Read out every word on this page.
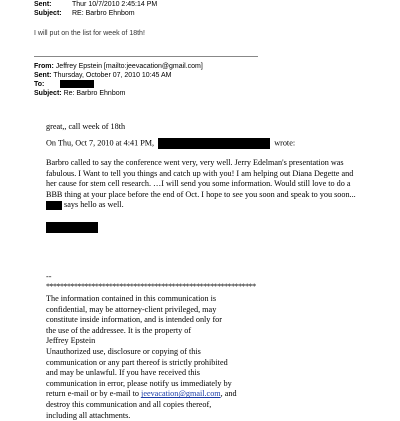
Sent:	Thur 10/7/2010 2:45:14 PM
Subject: RE: Barbro Ehnbom
I will put on the list for week of 18th!
From: Jeffrey Epstein [mailto:jeevacation@gmail.com]
Sent: Thursday, October 07, 2010 10:45 AM
To:
Subject: Re: Barbro Ehnbom
great,, call week of 18th
On Thu, Oct 7, 2010 at 4:41 PM,	wrote:
Barbro called to say the conference went very, very well. Jerry Edelman's presentation was fabulous. I Want to tell you things and catch up with you! I am helping out Diana Degette and her cause for stem cell research. …I will send you some information. Would still love to do a BBB thing at your place before the end of Oct. I hope to see you soon and speak to you soon...  says hello as well.
--
************************************************************
The information contained in this communication is
confidential, may be attorney-client privileged, may
constitute inside information, and is intended only for
the use of the addressee. It is the property of
Jeffrey Epstein
Unauthorized use, disclosure or copying of this
communication or any part thereof is strictly prohibited
and may be unlawful. If you have received this
communication in error, please notify us immediately by
return e-mail or by e-mail to jeevacation@gmail.com, and
destroy this communication and all copies thereof,
including all attachments.
